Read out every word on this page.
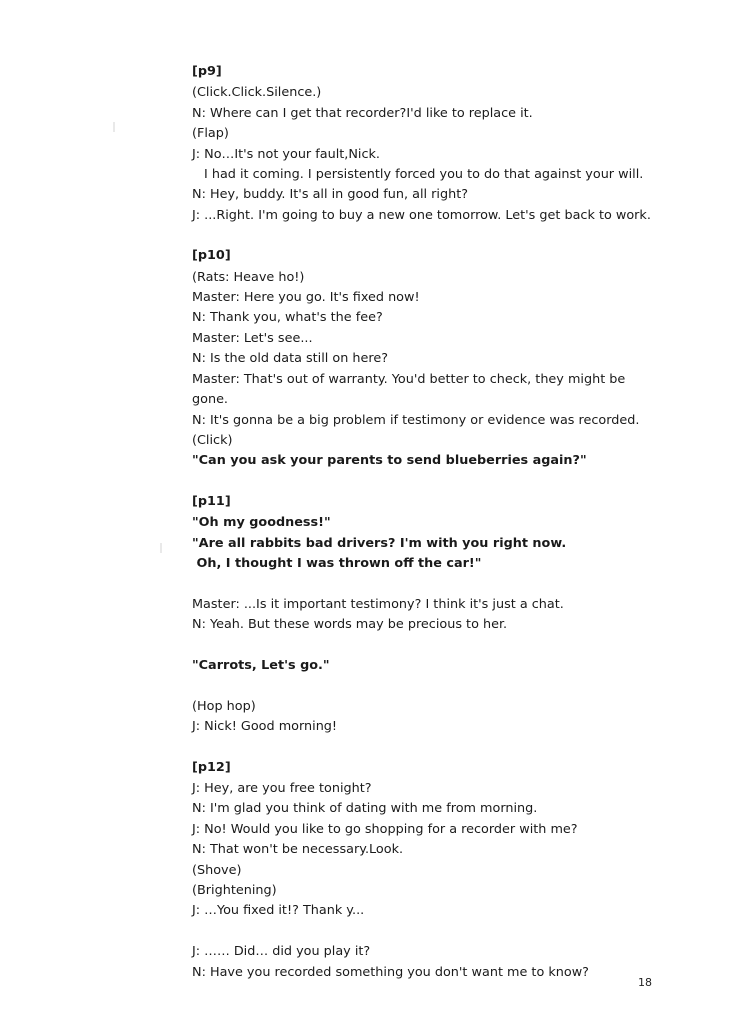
[p9]
(Click.Click.Silence.)
N: Where can I get that recorder?I'd like to replace it.
(Flap)
J: No…It's not your fault,Nick.
I had it coming. I persistently forced you to do that against your will.
N: Hey, buddy. It's all in good fun, all right?
J: ...Right. I'm going to buy a new one tomorrow. Let's get back to work.
[p10]
(Rats: Heave ho!)
Master: Here you go. It's fixed now!
N: Thank you, what's the fee?
Master: Let's see...
N: Is the old data still on here?
Master: That's out of warranty. You'd better to check, they might be gone.
N: It's gonna be a big problem if testimony or evidence was recorded.
(Click)
"Can you ask your parents to send blueberries again?"
[p11]
"Oh my goodness!"
"Are all rabbits bad drivers? I'm with you right now.
Oh, I thought I was thrown off the car!"
Master: ...Is it important testimony? I think it's just a chat.
N: Yeah. But these words may be precious to her.
"Carrots, Let's go."
(Hop hop)
J: Nick! Good morning!
[p12]
J: Hey, are you free tonight?
N: I'm glad you think of dating with me from morning.
J: No! Would you like to go shopping for a recorder with me?
N: That won't be necessary.Look.
(Shove)
(Brightening)
J: …You fixed it!? Thank y...
J: …… Did… did you play it?
N: Have you recorded something you don't want me to know?
18
